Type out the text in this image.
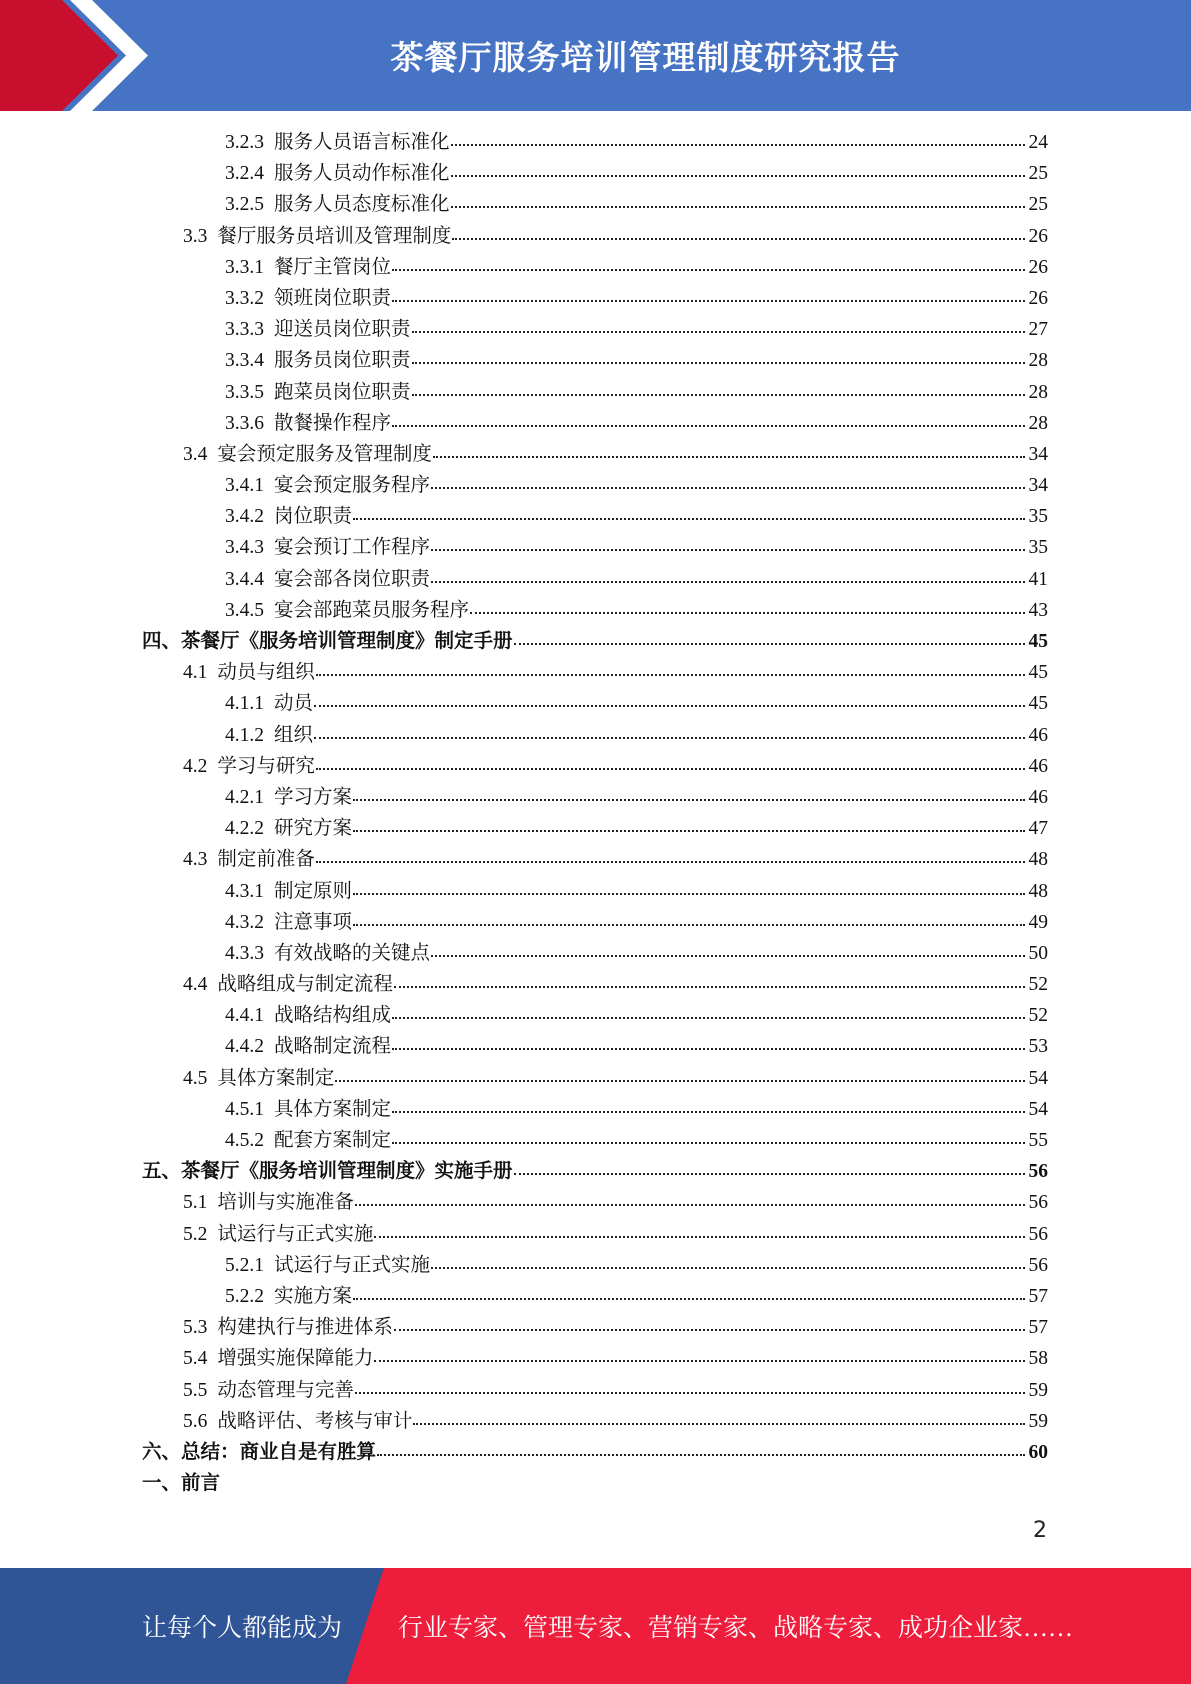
茶餐厅服务培训管理制度研究报告
3.2.3 服务人员语言标准化	24
3.2.4 服务人员动作标准化	25
3.2.5 服务人员态度标准化	25
3.3 餐厅服务员培训及管理制度	26
3.3.1 餐厅主管岗位	26
3.3.2 领班岗位职责	26
3.3.3 迎送员岗位职责	27
3.3.4 服务员岗位职责	28
3.3.5 跑菜员岗位职责	28
3.3.6 散餐操作程序	28
3.4 宴会预定服务及管理制度	34
3.4.1 宴会预定服务程序	34
3.4.2 岗位职责	35
3.4.3 宴会预订工作程序	35
3.4.4 宴会部各岗位职责	41
3.4.5 宴会部跑菜员服务程序	43
四、 茶餐厅《服务培训管理制度》制定手册	45
4.1 动员与组织	45
4.1.1 动员	45
4.1.2 组织	46
4.2 学习与研究	46
4.2.1 学习方案	46
4.2.2 研究方案	47
4.3 制定前准备	48
4.3.1 制定原则	48
4.3.2 注意事项	49
4.3.3 有效战略的关键点	50
4.4 战略组成与制定流程	52
4.4.1 战略结构组成	52
4.4.2 战略制定流程	53
4.5 具体方案制定	54
4.5.1 具体方案制定	54
4.5.2 配套方案制定	55
五、 茶餐厅《服务培训管理制度》实施手册	56
5.1 培训与实施准备	56
5.2 试运行与正式实施	56
5.2.1 试运行与正式实施	56
5.2.2 实施方案	57
5.3 构建执行与推进体系	57
5.4 增强实施保障能力	58
5.5 动态管理与完善	59
5.6 战略评估、考核与审计	59
六、 总结：商业自是有胜算	60
一、前言
2
让每个人都能成为 行业专家、管理专家、营销专家、战略专家、成功企业家……
